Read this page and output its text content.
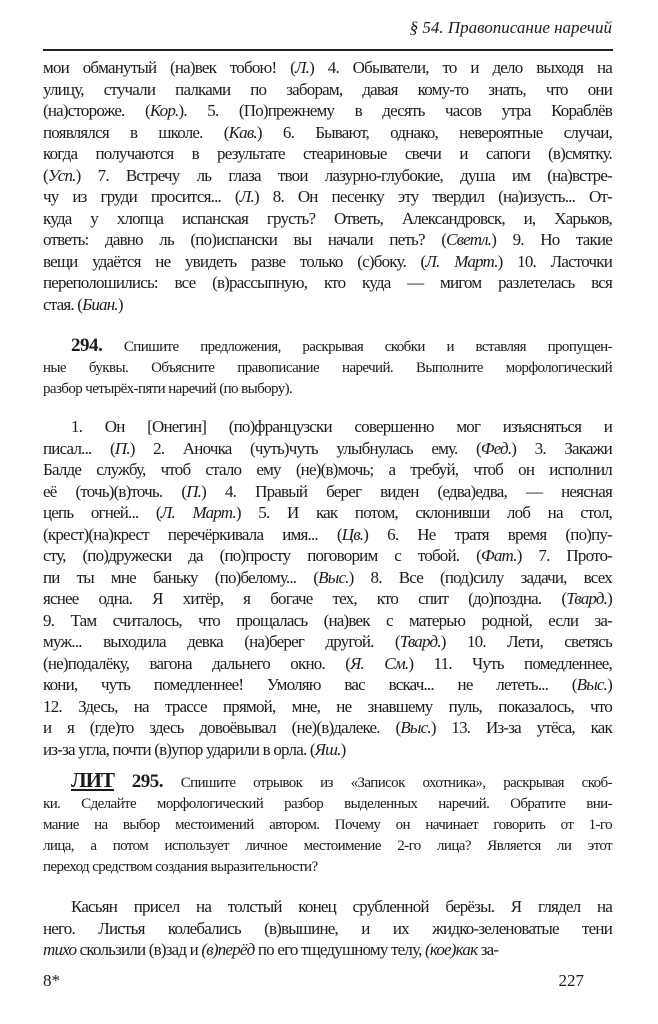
§ 54. Правописание наречий
мои обманутый (на)век тобою! (Л.) 4. Обыватели, то и дело выходя на
улицу, стучали палками по заборам, давая кому-то знать, что они
(на)стороже. (Кор.). 5. (По)прежнему в десять часов утра Кораблёв
появлялся в школе. (Кав.) 6. Бывают, однако, невероятные случаи,
когда получаются в результате стеариновые свечи и сапоги (в)смятку.
(Усп.) 7. Встречу ль глаза твои лазурно-глубокие, душа им (на)встре-
чу из груди просится... (Л.) 8. Он песенку эту твердил (на)изусть... От-
куда у хлопца испанская грусть? Ответь, Александровск, и, Харьков,
ответь: давно ль (по)испански вы начали петь? (Светл.) 9. Но такие
вещи удаётся не увидеть разве только (с)боку. (Л. Март.) 10. Ласточки
переполошились: все (в)рассыпную, кто куда — мигом разлетелась вся
стая. (Биан.)
294. Спишите предложения, раскрывая скобки и вставляя пропущен-
ные буквы. Объясните правописание наречий. Выполните морфологический
разбор четырёх-пяти наречий (по выбору).
1. Он [Онегин] (по)французски совершенно мог изъясняться и
писал... (П.) 2. Аночка (чуть)чуть улыбнулась ему. (Фед.) 3. Закажи
Балде службу, чтоб стало ему (не)(в)мочь; а требуй, чтоб он исполнил
её (точь)(в)точь. (П.) 4. Правый берег виден (едва)едва, — неясная
цепь огней... (Л. Март.) 5. И как потом, склонивши лоб на стол,
(крест)(на)крест перечёркивала имя... (Цв.) 6. Не тратя время (по)пу-
сту, (по)дружески да (по)просту поговорим с тобой. (Фат.) 7. Прото-
пи ты мне баньку (по)белому... (Выс.) 8. Все (под)силу задачи, всех
яснее одна. Я хитёр, я богаче тех, кто спит (до)поздна. (Твард.)
9. Там считалось, что прощалась (на)век с матерью родной, если за-
муж... выходила девка (на)берег другой. (Твард.) 10. Лети, светясь
(не)подалёку, вагона дальнего окно. (Я. См.) 11. Чуть помедленнее,
кони, чуть помедленнее! Умоляю вас вскач... не лететь... (Выс.)
12. Здесь, на трассе прямой, мне, не знавшему пуль, показалось, что
и я (где)то здесь довоёвывал (не)(в)далеке. (Выс.) 13. Из-за утёса, как
из-за угла, почти (в)упор ударили в орла. (Яш.)
ЛИТ 295. Спишите отрывок из «Записок охотника», раскрывая скоб-
ки. Сделайте морфологический разбор выделенных наречий. Обратите вни-
мание на выбор местоимений автором. Почему он начинает говорить от 1-го
лица, а потом использует личное местоимение 2-го лица? Является ли этот
переход средством создания выразительности?
Касьян присел на толстый конец срубленной берёзы. Я глядел на
него. Листья колебались (в)вышине, и их жидко-зеленоватые тени
тихо скользили (в)зад и (в)перёд по его тщедушному телу, (кое)как за-
8*	227
